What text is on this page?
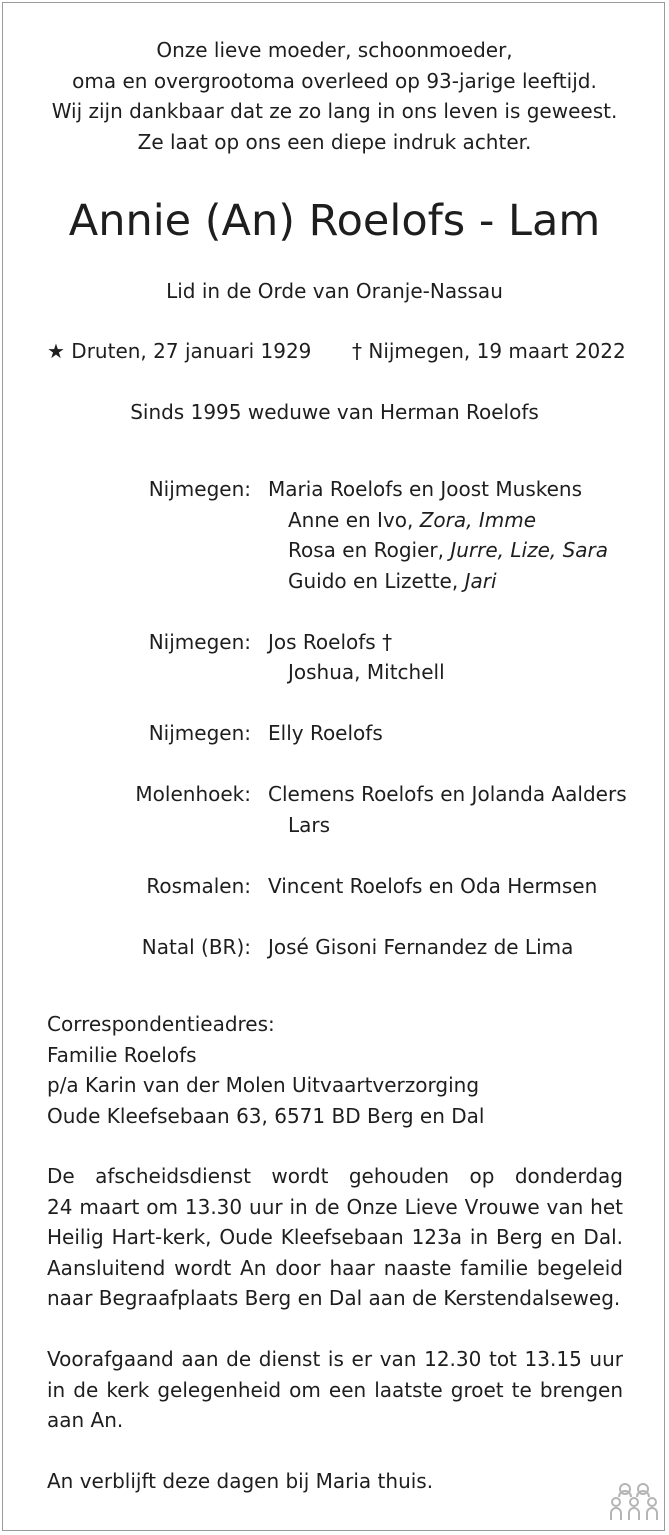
Onze lieve moeder, schoonmoeder,
oma en overgrootoma overleed op 93-jarige leeftijd.
Wij zijn dankbaar dat ze zo lang in ons leven is geweest.
Ze laat op ons een diepe indruk achter.
Annie (An) Roelofs - Lam
Lid in de Orde van Oranje-Nassau
★ Druten, 27 januari 1929 † Nijmegen, 19 maart 2022
Sinds 1995 weduwe van Herman Roelofs
Nijmegen: Maria Roelofs en Joost Muskens
Anne en Ivo, Zora, Imme
Rosa en Rogier, Jurre, Lize, Sara
Guido en Lizette, Jari
Nijmegen: Jos Roelofs †
Joshua, Mitchell
Nijmegen: Elly Roelofs
Molenhoek: Clemens Roelofs en Jolanda Aalders
Lars
Rosmalen: Vincent Roelofs en Oda Hermsen
Natal (BR): José Gisoni Fernandez de Lima
Correspondentieadres:
Familie Roelofs
p/a Karin van der Molen Uitvaartverzorging
Oude Kleefsebaan 63, 6571 BD Berg en Dal
De afscheidsdienst wordt gehouden op donderdag
24 maart om 13.30 uur in de Onze Lieve Vrouwe van het
Heilig Hart-kerk, Oude Kleefsebaan 123a in Berg en Dal.
Aansluitend wordt An door haar naaste familie begeleid
naar Begraafplaats Berg en Dal aan de Kerstendalseweg.
Voorafgaand aan de dienst is er van 12.30 tot 13.15 uur
in de kerk gelegenheid om een laatste groet te brengen
aan An.
An verblijft deze dagen bij Maria thuis.
